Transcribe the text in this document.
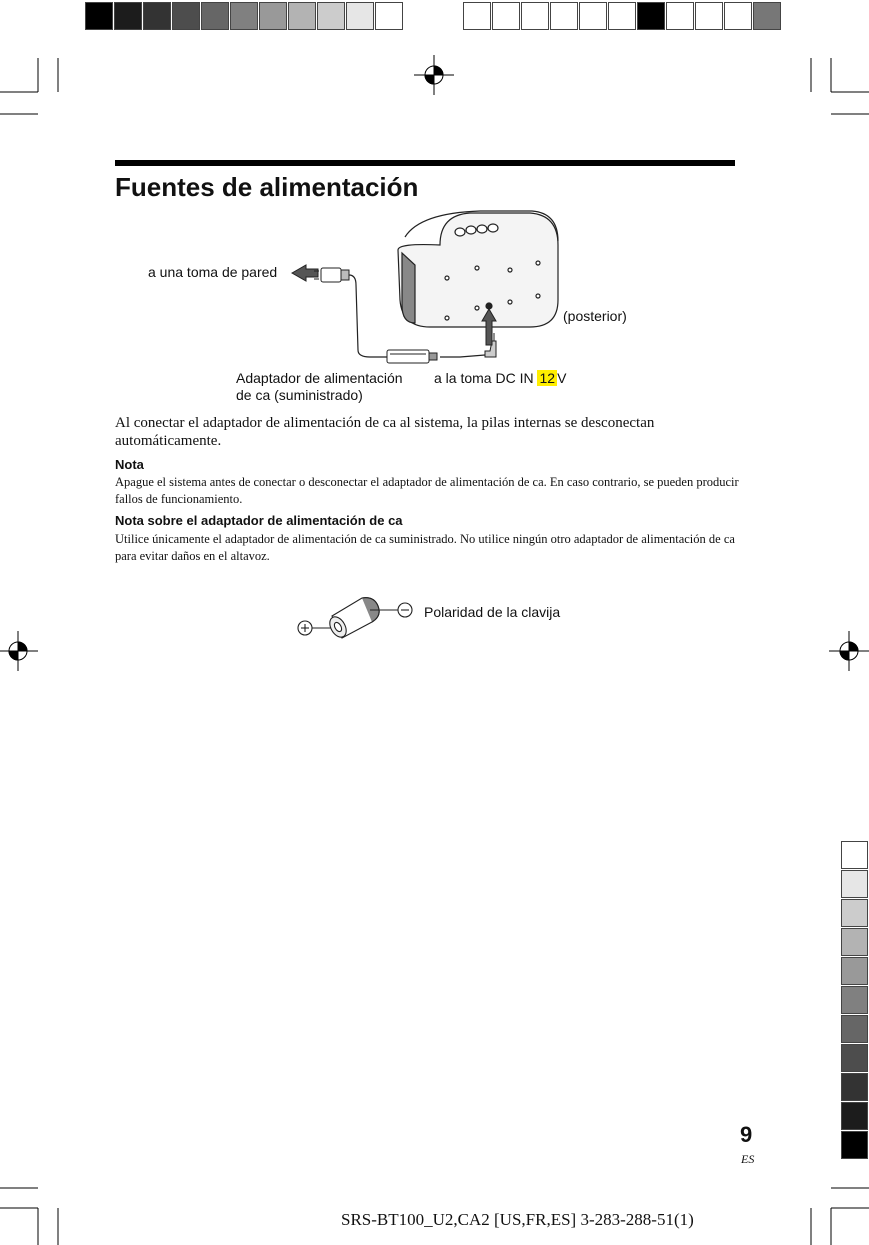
Fuentes de alimentación
a una toma de pared
(posterior)
Adaptador de alimentación
de ca (suministrado)
a la toma DC IN 12 V
Al conectar el adaptador de alimentación de ca al sistema, la pilas internas se desconectan automáticamente.
Nota
Apague el sistema antes de conectar o desconectar el adaptador de alimentación de ca. En caso contrario, se pueden producir fallos de funcionamiento.
Nota sobre el adaptador de alimentación de ca
Utilice únicamente el adaptador de alimentación de ca suministrado. No utilice ningún otro adaptador de alimentación de ca para evitar daños en el altavoz.
Polaridad de la clavija
9
ES
SRS-BT100_U2,CA2 [US,FR,ES] 3-283-288-51(1)
